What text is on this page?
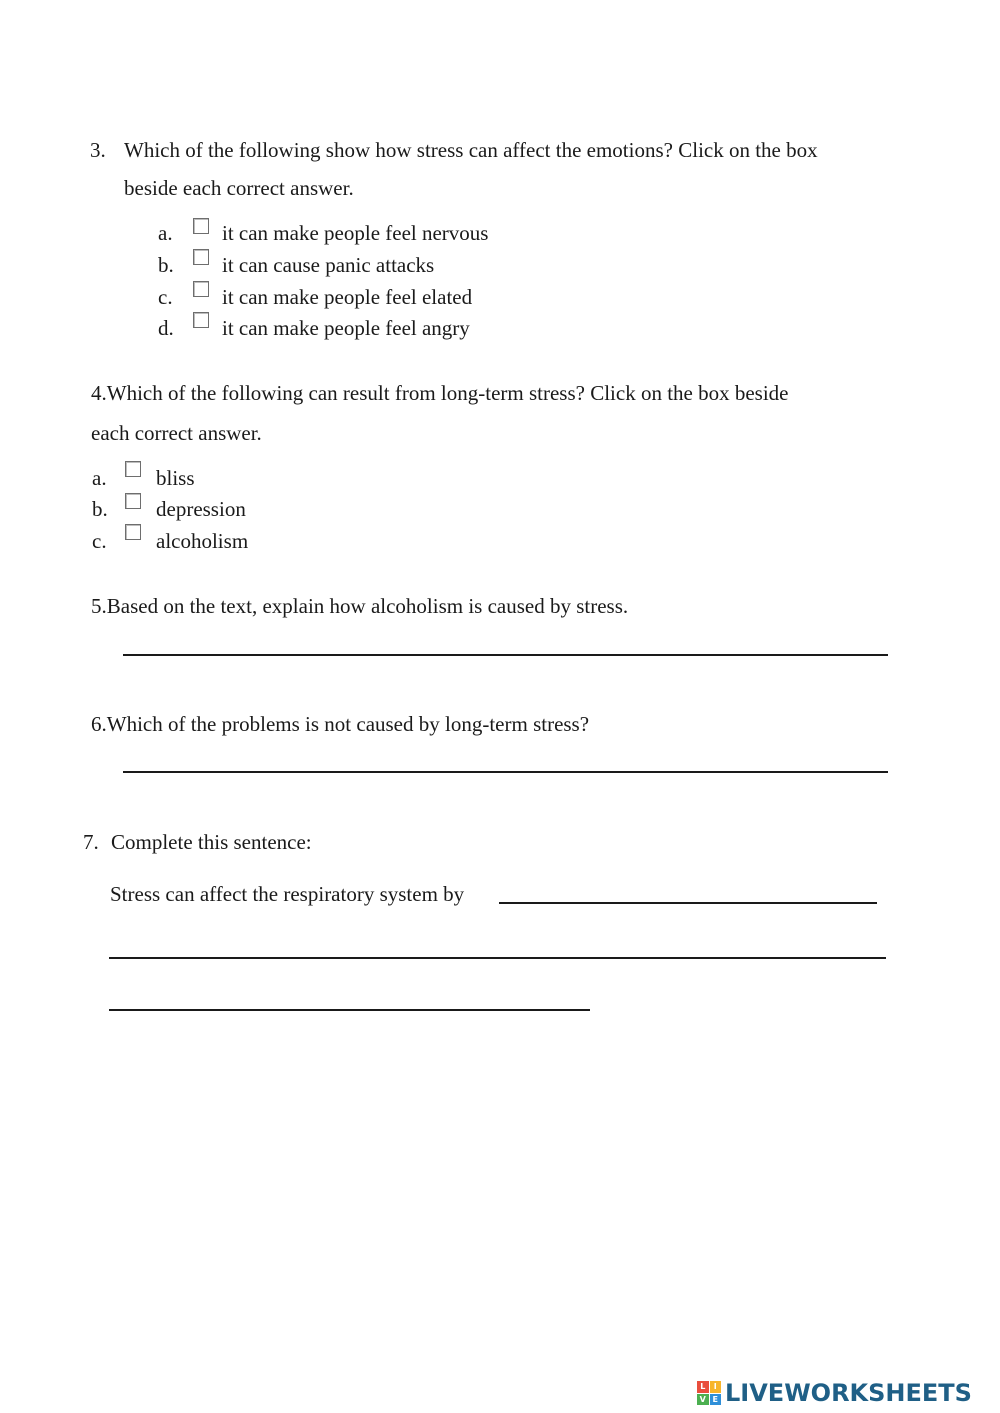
3. Which of the following show how stress can affect the emotions? Click on the box
beside each correct answer.
a. it can make people feel nervous
b. it can cause panic attacks
c. it can make people feel elated
d. it can make people feel angry
4.Which of the following can result from long-term stress? Click on the box beside
each correct answer.
a. bliss
b. depression
c. alcoholism
5.Based on the text, explain how alcoholism is caused by stress.
6.Which of the problems is not caused by long-term stress?
7. Complete this sentence:
Stress can affect the respiratory system by
L	I
V E LIVEWORKSHEETS
